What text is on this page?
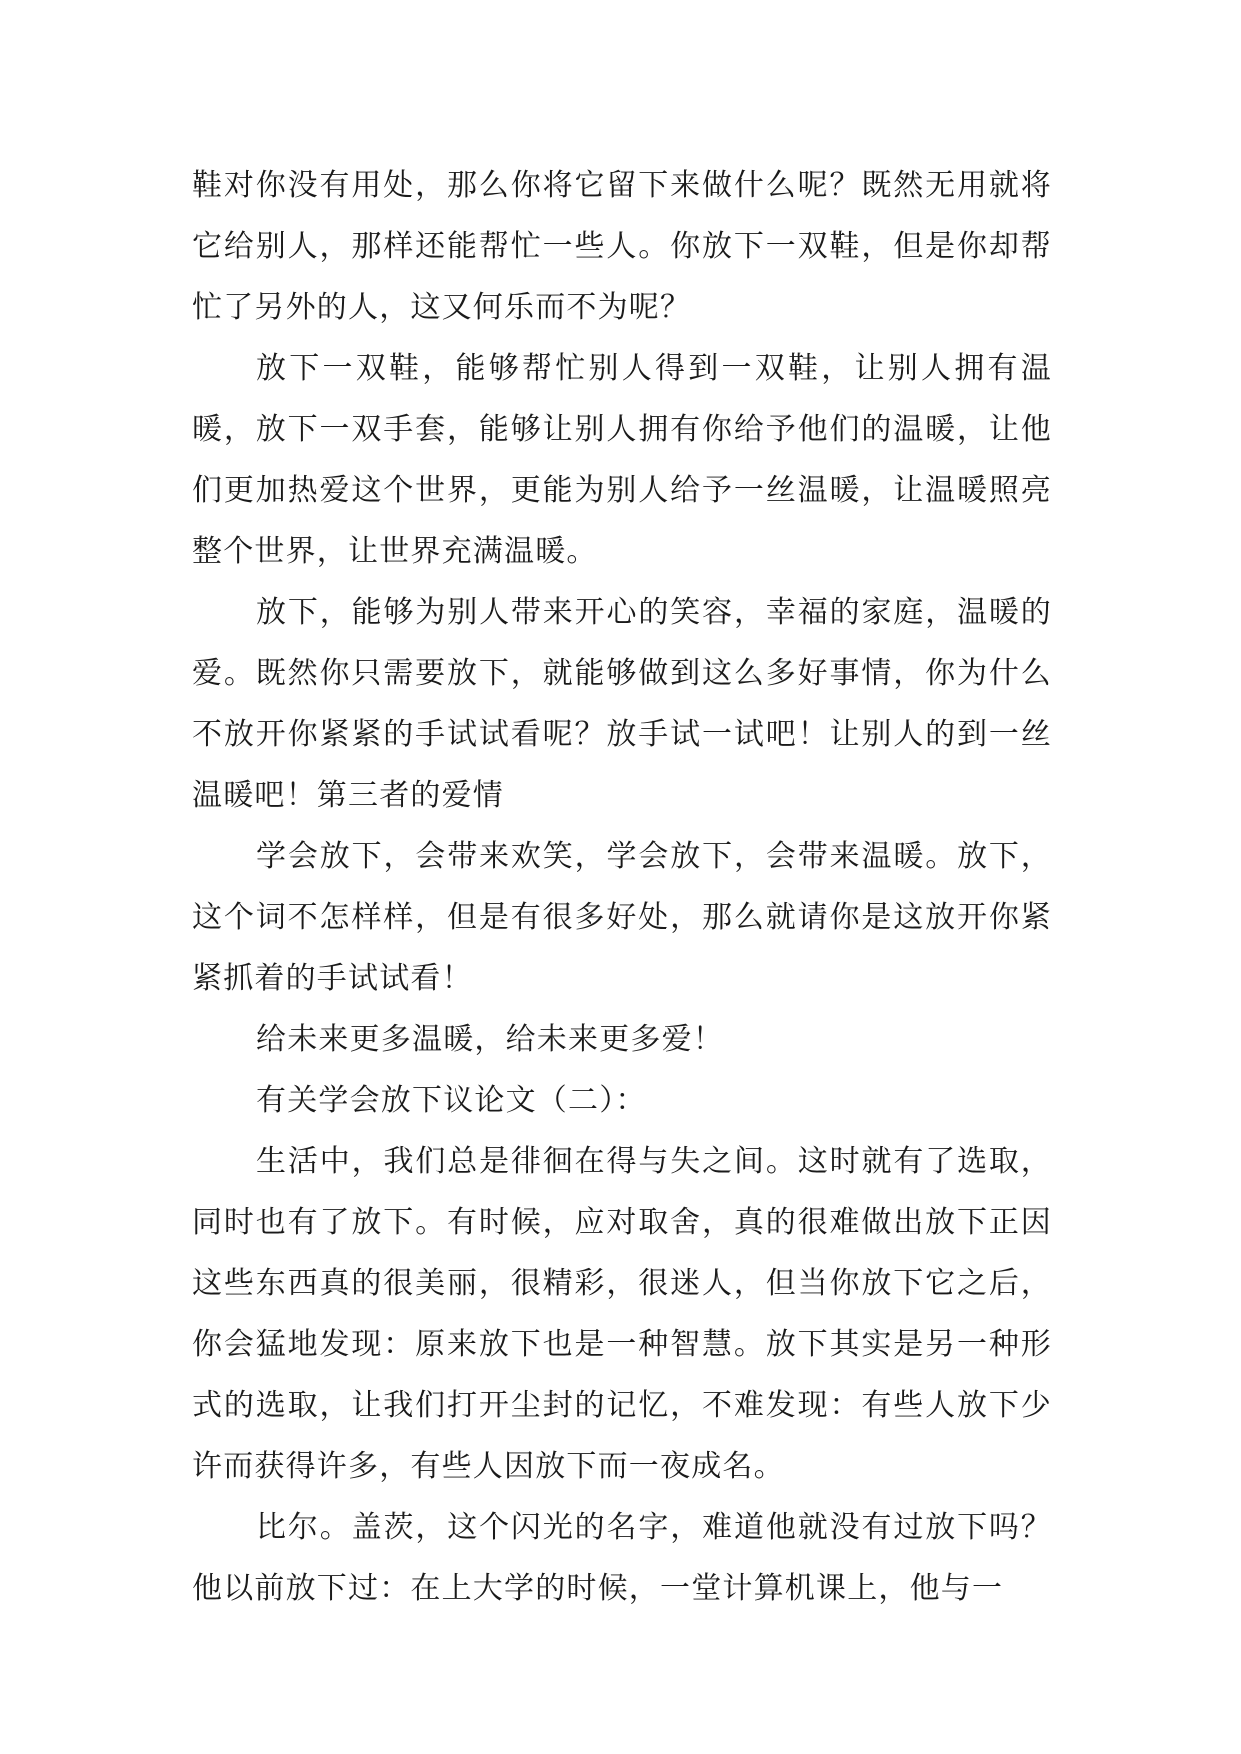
鞋对你没有用处，那么你将它留下来做什么呢？既然无用就将它给别人，那样还能帮忙一些人。你放下一双鞋，但是你却帮忙了另外的人，这又何乐而不为呢？

放下一双鞋，能够帮忙别人得到一双鞋，让别人拥有温暖，放下一双手套，能够让别人拥有你给予他们的温暖，让他们更加热爱这个世界，更能为别人给予一丝温暖，让温暖照亮整个世界，让世界充满温暖。

放下，能够为别人带来开心的笑容，幸福的家庭，温暖的爱。既然你只需要放下，就能够做到这么多好事情，你为什么不放开你紧紧的手试试看呢？放手试一试吧！让别人的到一丝温暖吧！第三者的爱情

学会放下，会带来欢笑，学会放下，会带来温暖。放下，这个词不怎样样，但是有很多好处，那么就请你是这放开你紧紧抓着的手试试看！

给未来更多温暖，给未来更多爱！

有关学会放下议论文（二）：

生活中，我们总是徘徊在得与失之间。这时就有了选取，同时也有了放下。有时候，应对取舍，真的很难做出放下正因这些东西真的很美丽，很精彩，很迷人，但当你放下它之后，你会猛地发现：原来放下也是一种智慧。放下其实是另一种形式的选取，让我们打开尘封的记忆，不难发现：有些人放下少许而获得许多，有些人因放下而一夜成名。

比尔。盖茨，这个闪光的名字，难道他就没有过放下吗？他以前放下过：在上大学的时候，一堂计算机课上，他与一
